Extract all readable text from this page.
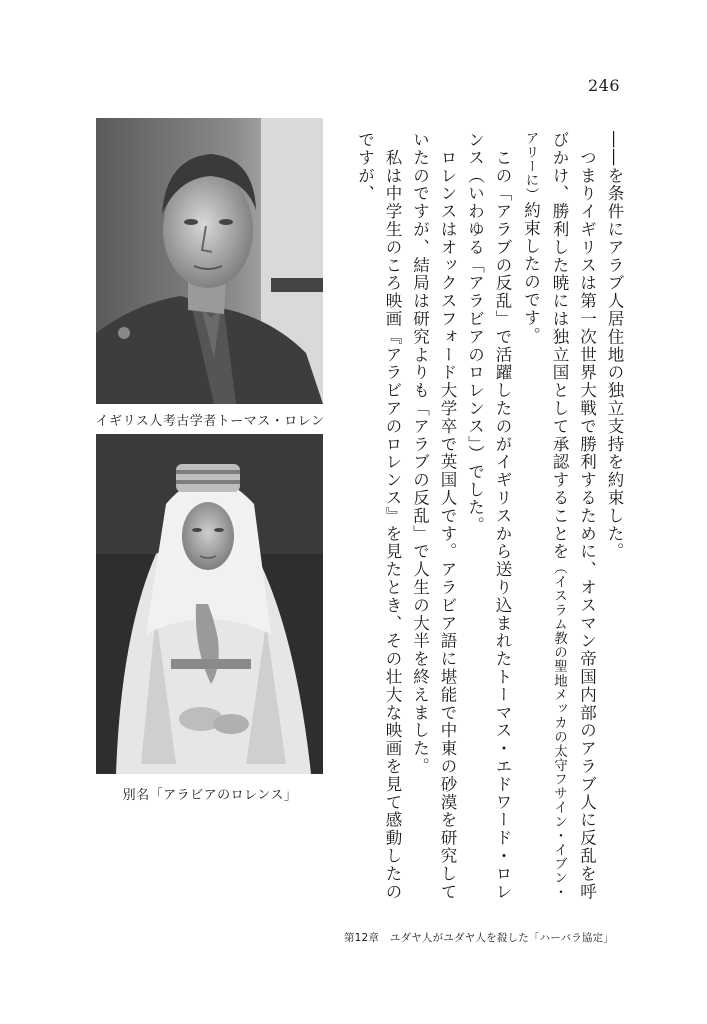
246

――を条件にアラブ人居住地の独立支持を約束した。

　つまりイギリスは第一次世界大戦で勝利するために、オスマン帝国内部のアラブ人に反乱を呼びかけ、勝利した暁には独立国として承認することを（イスラム教の聖地メッカの太守フサイン・イブン・アリーに）約束したのです。

　この「アラブの反乱」で活躍したのがイギリスから送り込まれたトーマス・エドワード・ロレンス（いわゆる「アラビアのロレンス」）でした。

　ロレンスはオックスフォード大学卒で英国人です。アラビア語に堪能で中東の砂漠を研究していたのですが、結局は研究よりも「アラブの反乱」で人生の大半を終えました。

　私は中学生のころ映画『アラビアのロレンス』を見たとき、その壮大な映画を見て感動したのですが、

イギリス人考古学者トーマス・ロレン
別名「アラビアのロレンス」
第12章　ユダヤ人がユダヤ人を殺した「ハーバラ協定」
